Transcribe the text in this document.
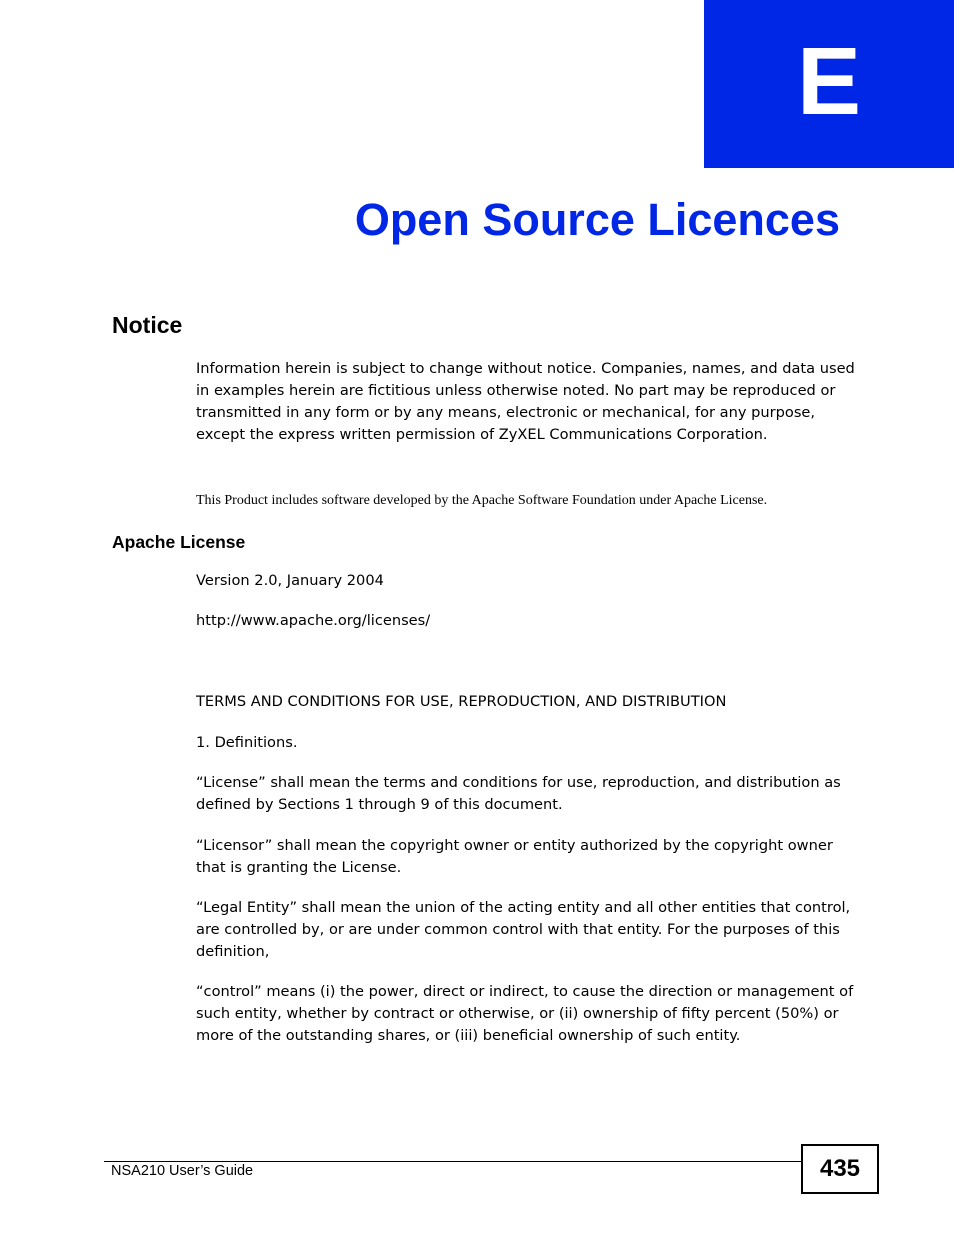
E
Open Source Licences
Notice

Information herein is subject to change without notice. Companies, names, and data used in examples herein are fictitious unless otherwise noted. No part may be reproduced or transmitted in any form or by any means, electronic or mechanical, for any purpose, except the express written permission of ZyXEL Communications Corporation.

This Product includes software developed by the Apache Software Foundation under Apache License.

Apache License

Version 2.0, January 2004

http://www.apache.org/licenses/

TERMS AND CONDITIONS FOR USE, REPRODUCTION, AND DISTRIBUTION

1. Definitions.

“License” shall mean the terms and conditions for use, reproduction, and distribution as defined by Sections 1 through 9 of this document.

“Licensor” shall mean the copyright owner or entity authorized by the copyright owner that is granting the License.

“Legal Entity” shall mean the union of the acting entity and all other entities that control, are controlled by, or are under common control with that entity. For the purposes of this definition,

“control” means (i) the power, direct or indirect, to cause the direction or management of such entity, whether by contract or otherwise, or (ii) ownership of fifty percent (50%) or more of the outstanding shares, or (iii) beneficial ownership of such entity.

NSA210 User’s Guide	435
